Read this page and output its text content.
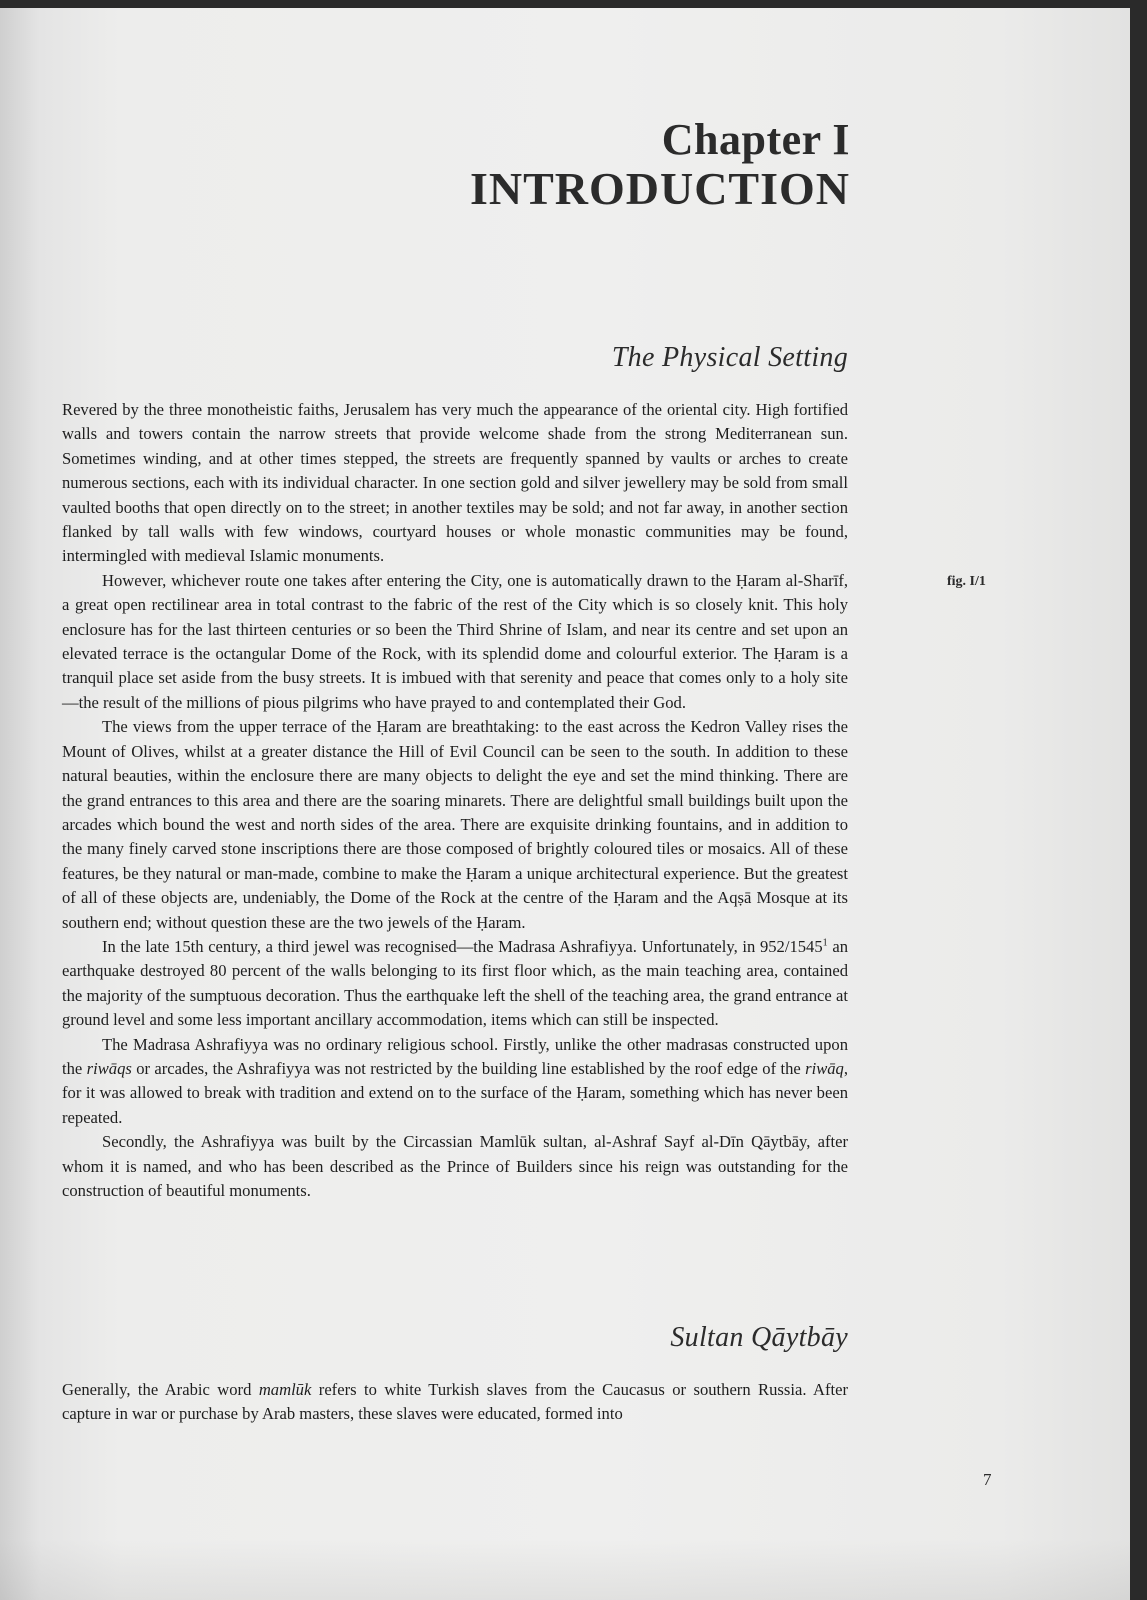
Chapter I
INTRODUCTION
The Physical Setting

Revered by the three monotheistic faiths, Jerusalem has very much the appearance of the oriental city. High fortified walls and towers contain the narrow streets that provide welcome shade from the strong Mediterranean sun. Sometimes winding, and at other times stepped, the streets are frequently spanned by vaults or arches to create numerous sections, each with its individual character. In one section gold and silver jewellery may be sold from small vaulted booths that open directly on to the street; in another textiles may be sold; and not far away, in another section flanked by tall walls with few windows, courtyard houses or whole monastic communities may be found, intermingled with medieval Islamic monuments.

However, whichever route one takes after entering the City, one is automatically drawn to the Ḥaram al-Sharīf, a great open rectilinear area in total contrast to the fabric of the rest of the City which is so closely knit. This holy enclosure has for the last thirteen centuries or so been the Third Shrine of Islam, and near its centre and set upon an elevated terrace is the octangular Dome of the Rock, with its splendid dome and colourful exterior. The Ḥaram is a tranquil place set aside from the busy streets. It is imbued with that serenity and peace that comes only to a holy site—the result of the millions of pious pilgrims who have prayed to and contemplated their God.

The views from the upper terrace of the Ḥaram are breathtaking: to the east across the Kedron Valley rises the Mount of Olives, whilst at a greater distance the Hill of Evil Council can be seen to the south. In addition to these natural beauties, within the enclosure there are many objects to delight the eye and set the mind thinking. There are the grand entrances to this area and there are the soaring minarets. There are delightful small buildings built upon the arcades which bound the west and north sides of the area. There are exquisite drinking fountains, and in addition to the many finely carved stone inscriptions there are those composed of brightly coloured tiles or mosaics. All of these features, be they natural or man-made, combine to make the Ḥaram a unique architectural experience. But the greatest of all of these objects are, undeniably, the Dome of the Rock at the centre of the Ḥaram and the Aqṣā Mosque at its southern end; without question these are the two jewels of the Ḥaram.

In the late 15th century, a third jewel was recognised—the Madrasa Ashrafiyya. Unfortunately, in 952/1545$^1$ an earthquake destroyed 80 percent of the walls belonging to its first floor which, as the main teaching area, contained the majority of the sumptuous decoration. Thus the earthquake left the shell of the teaching area, the grand entrance at ground level and some less important ancillary accommodation, items which can still be inspected.

The Madrasa Ashrafiyya was no ordinary religious school. Firstly, unlike the other madrasas constructed upon the riwāqs or arcades, the Ashrafiyya was not restricted by the building line established by the roof edge of the riwāq, for it was allowed to break with tradition and extend on to the surface of the Ḥaram, something which has never been repeated.

Secondly, the Ashrafiyya was built by the Circassian Mamlūk sultan, al-Ashraf Sayf al-Dīn Qāytbāy, after whom it is named, and who has been described as the Prince of Builders since his reign was outstanding for the construction of beautiful monuments.

fig. I/1
Sultan Qāytbāy

Generally, the Arabic word mamlūk refers to white Turkish slaves from the Caucasus or southern Russia. After capture in war or purchase by Arab masters, these slaves were educated, formed into

7
